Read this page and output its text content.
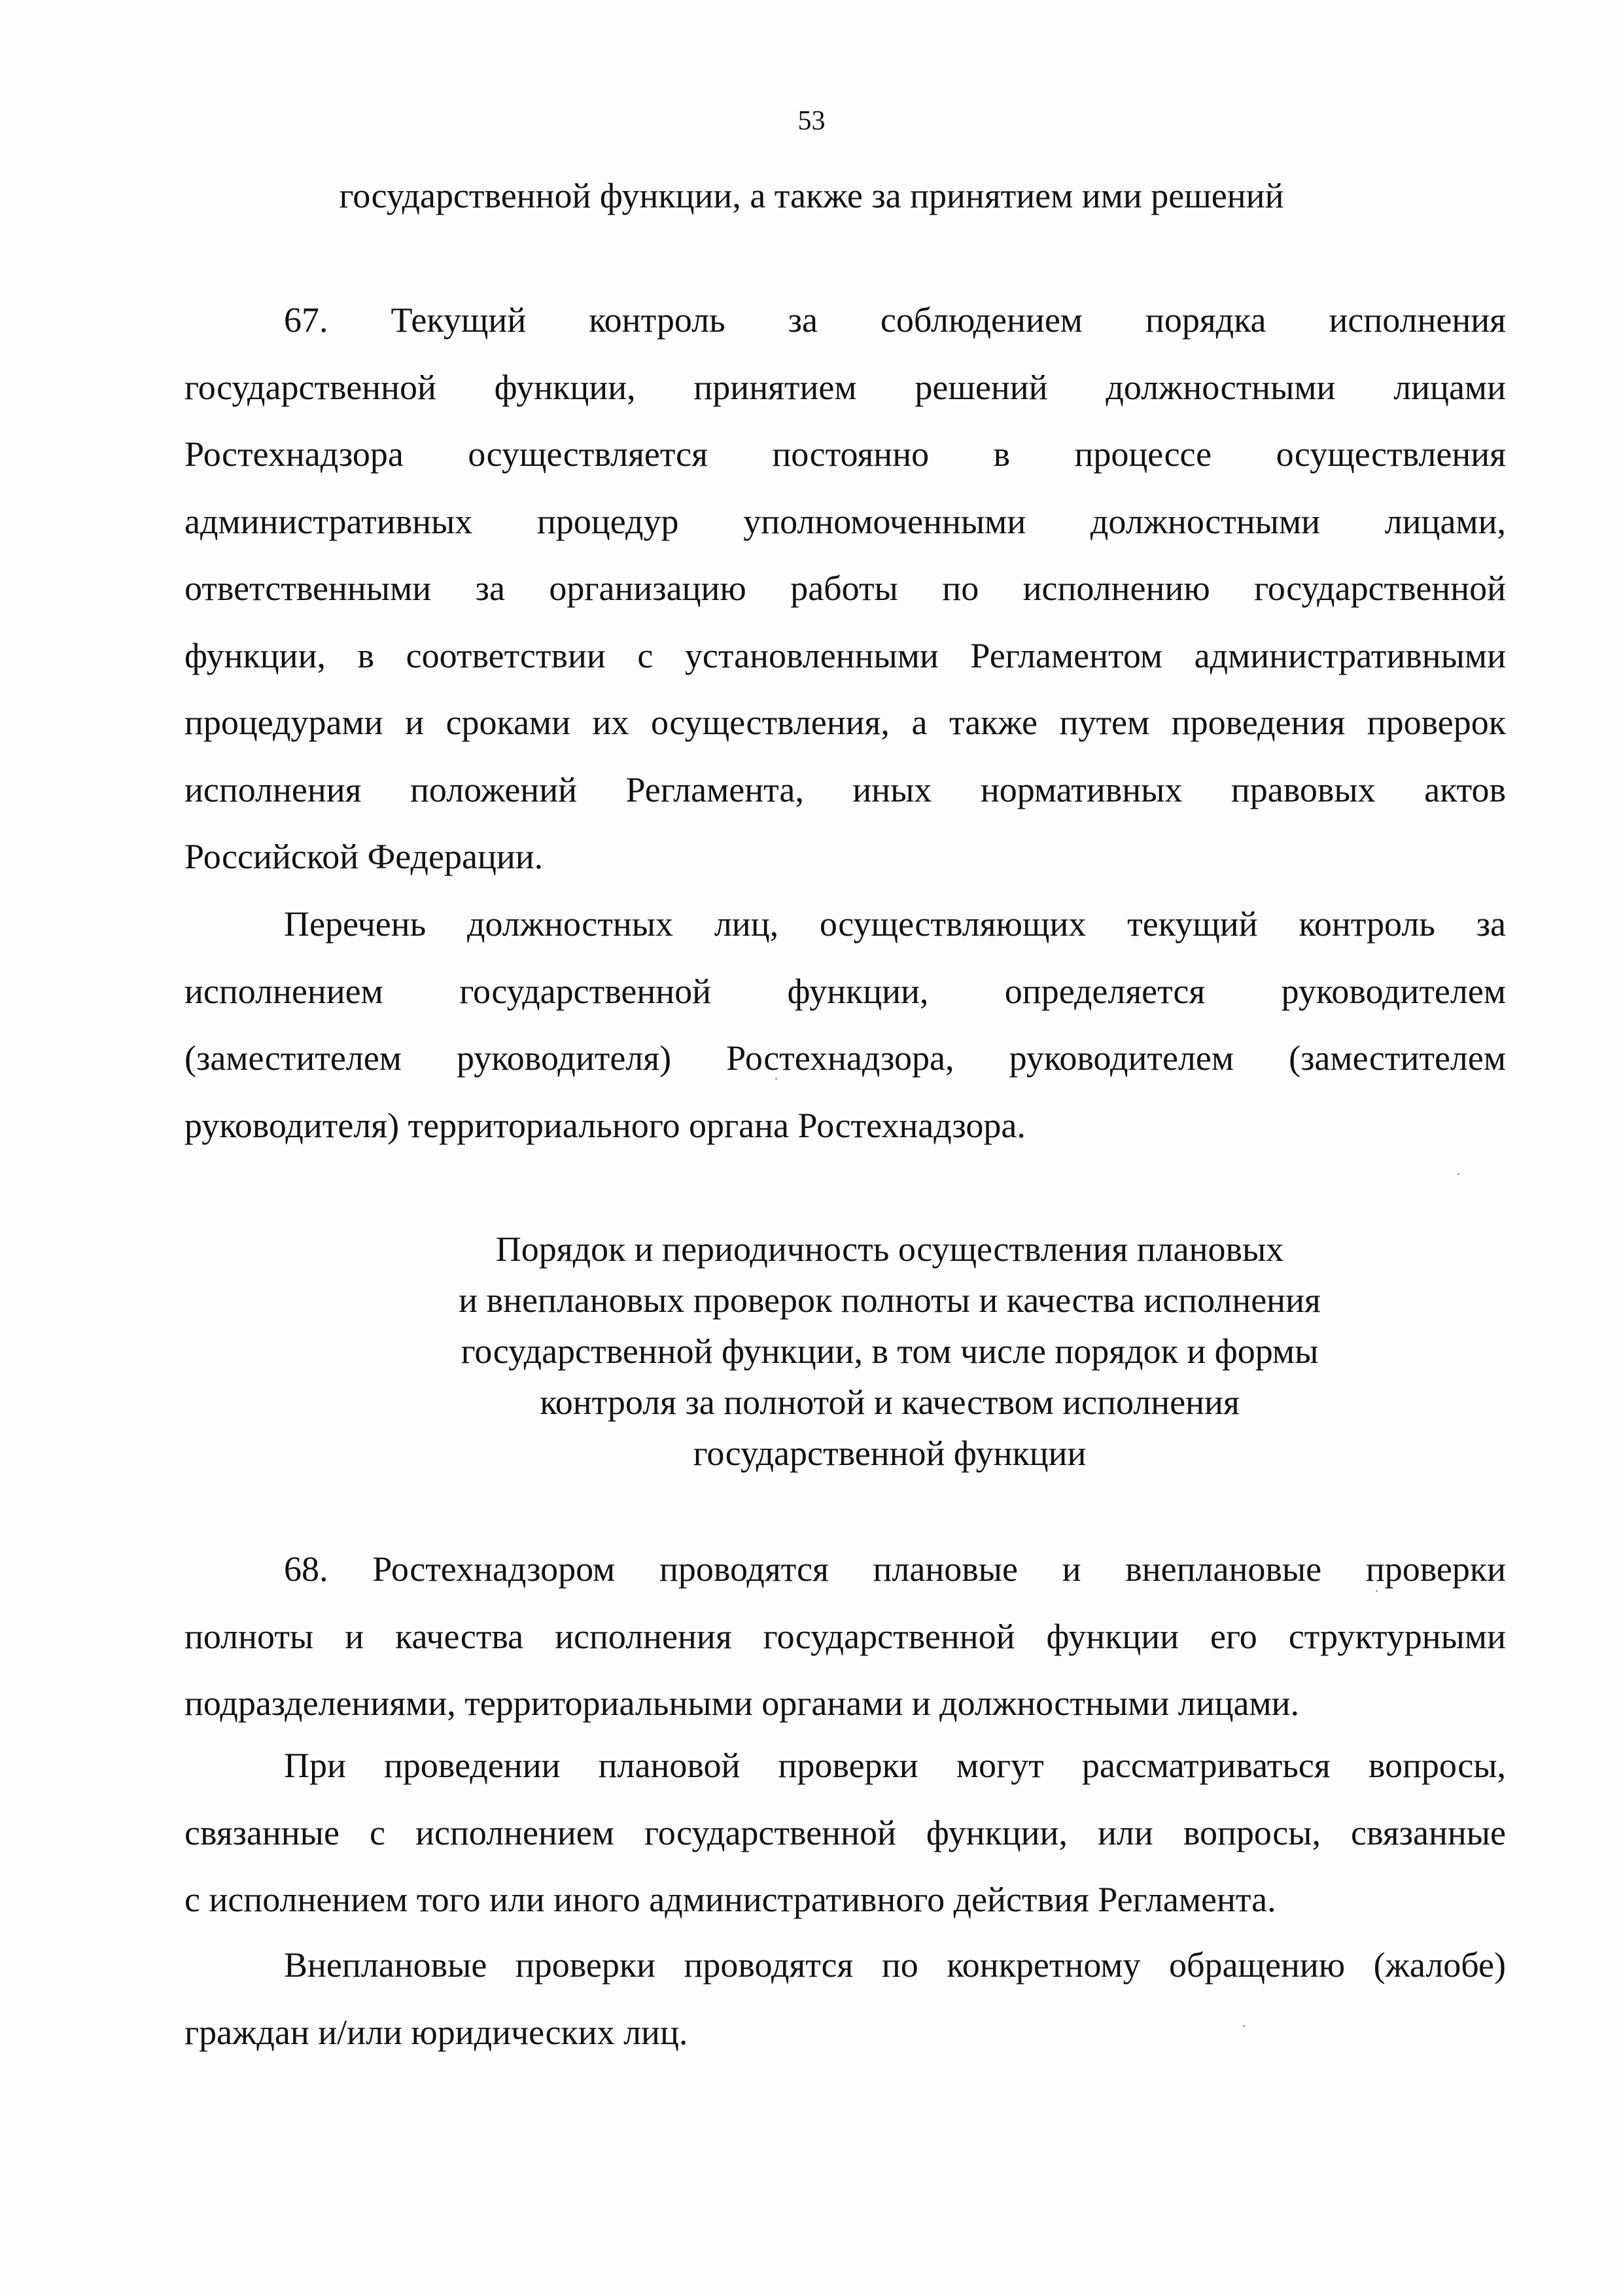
53
государственной функции, а также за принятием ими решений
67. Текущий контроль за соблюдением порядка исполнения
государственной функции, принятием решений должностными лицами
Ростехнадзора осуществляется постоянно в процессе осуществления
административных процедур уполномоченными должностными лицами,
ответственными за организацию работы по исполнению государственной
функции, в соответствии с установленными Регламентом административными
процедурами и сроками их осуществления, а также путем проведения проверок
исполнения положений Регламента, иных нормативных правовых актов
Российской Федерации.
Перечень должностных лиц, осуществляющих текущий контроль за
исполнением государственной функции, определяется руководителем
(заместителем руководителя) Ростехнадзора, руководителем (заместителем
руководителя) территориального органа Ростехнадзора.
Порядок и периодичность осуществления плановых
и внеплановых проверок полноты и качества исполнения
государственной функции, в том числе порядок и формы
контроля за полнотой и качеством исполнения
государственной функции
68. Ростехнадзором проводятся плановые и внеплановые проверки
полноты и качества исполнения государственной функции его структурными
подразделениями, территориальными органами и должностными лицами.
При проведении плановой проверки могут рассматриваться вопросы,
связанные с исполнением государственной функции, или вопросы, связанные
с исполнением того или иного административного действия Регламента.
Внеплановые проверки проводятся по конкретному обращению (жалобе)
граждан и/или юридических лиц.
